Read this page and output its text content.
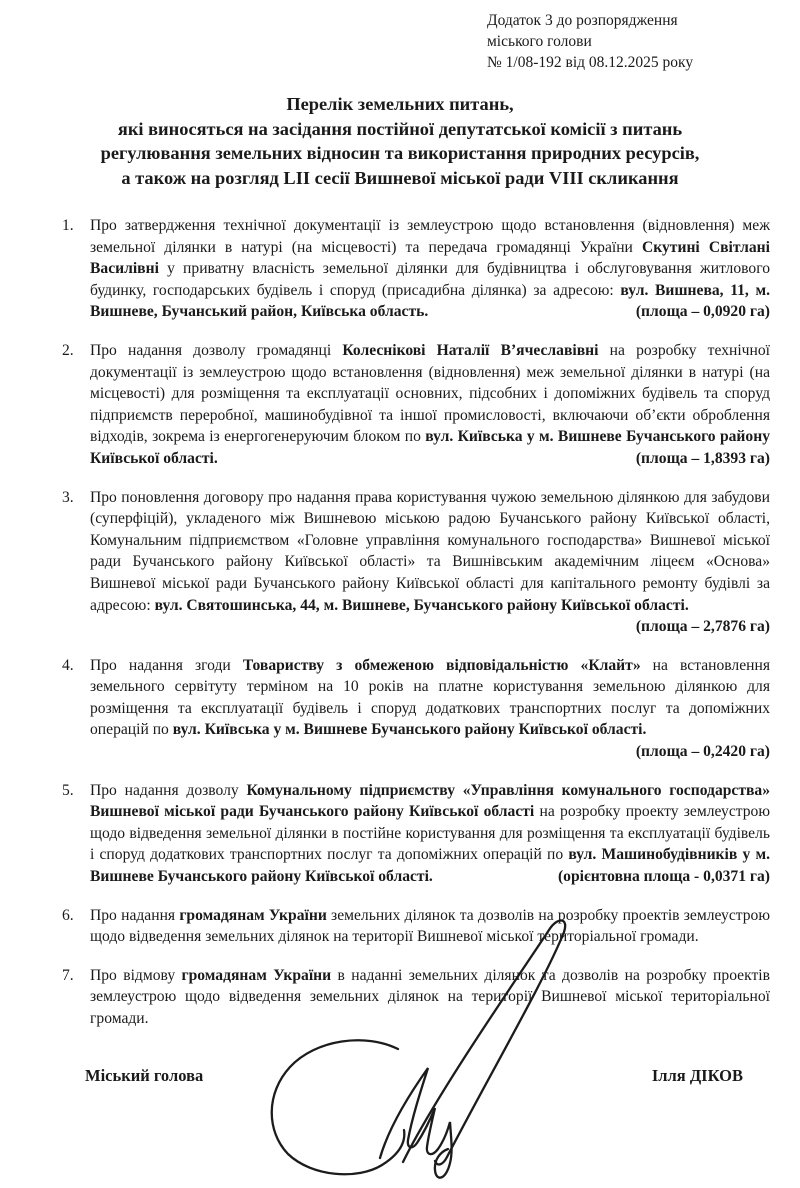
Додаток 3 до розпорядження
міського голови
№ 1/08-192 від 08.12.2025 року
Перелік земельних питань,
які виносяться на засідання постійної депутатської комісії з питань
регулювання земельних відносин та використання природних ресурсів,
а також на розгляд LII сесії Вишневої міської ради VIII скликання
1.	Про затвердження технічної документації із землеустрою щодо встановлення (відновлення) меж земельної ділянки в натурі (на місцевості) та передача громадянці України Скутині Світлані Василівні у приватну власність земельної ділянки для будівництва і обслуговування житлового будинку, господарських будівель і споруд (присадибна ділянка) за адресою: вул. Вишнева, 11, м. Вишневе, Бучанський район, Київська область.	(площа – 0,0920 га)
2.	Про надання дозволу громадянці Колеснікові Наталії В’ячеславівні на розробку технічної документації із землеустрою щодо встановлення (відновлення) меж земельної ділянки в натурі (на місцевості) для розміщення та експлуатації основних, підсобних і допоміжних будівель та споруд підприємств переробної, машинобудівної та іншої промисловості, включаючи об’єкти оброблення відходів, зокрема із енергогенеруючим блоком по вул. Київська у м. Вишневе Бучанського району Київської області.	(площа – 1,8393 га)
3.	Про поновлення договору про надання права користування чужою земельною ділянкою для забудови (суперфіцій), укладеного між Вишневою міською радою Бучанського району Київської області, Комунальним підприємством «Головне управління комунального господарства» Вишневої міської ради Бучанського району Київської області» та Вишнівським академічним ліцеєм «Основа» Вишневої міської ради Бучанського району Київської області для капітального ремонту будівлі за адресою: вул. Святошинська, 44, м. Вишневе, Бучанського району Київської області.
(площа – 2,7876 га)
4.	Про надання згоди Товариству з обмеженою відповідальністю «Клайт» на встановлення земельного сервітуту терміном на 10 років на платне користування земельною ділянкою для розміщення та експлуатації будівель і споруд додаткових транспортних послуг та допоміжних операцій по вул. Київська у м. Вишневе Бучанського району Київської області.
(площа – 0,2420 га)
5.	Про надання дозволу Комунальному підприємству «Управління комунального господарства» Вишневої міської ради Бучанського району Київської області на розробку проекту землеустрою щодо відведення земельної ділянки в постійне користування для розміщення та експлуатації будівель і споруд додаткових транспортних послуг та допоміжних операцій по вул. Машинобудівників у м. Вишневе Бучанського району Київської області.	(орієнтовна площа - 0,0371 га)
6.	Про надання громадянам України земельних ділянок та дозволів на розробку проектів землеустрою щодо відведення земельних ділянок на території Вишневої міської територіальної громади.
7.	Про відмову громадянам України в наданні земельних ділянок та дозволів на розробку проектів землеустрою щодо відведення земельних ділянок на території Вишневої міської територіальної громади.
Міський голова	Ілля ДІКОВ
